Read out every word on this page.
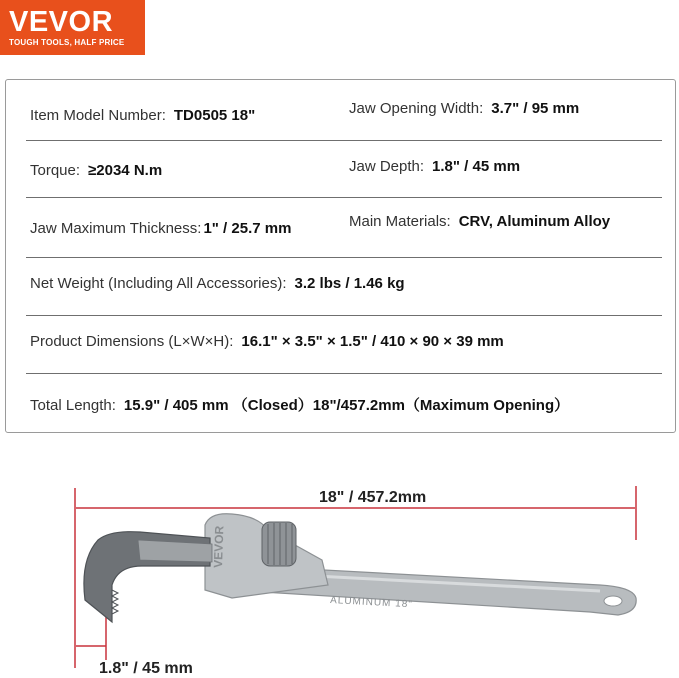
VEVOR
TOUGH TOOLS, HALF PRICE
Item Model Number: TD0505 18"	Jaw Opening Width: 3.7" / 95 mm
Torque: ≥2034 N.m	Jaw Depth: 1.8" / 45 mm
Jaw Maximum Thickness: 1" / 25.7 mm	Main Materials: CRV, Aluminum Alloy
Net Weight (Including All Accessories): 3.2 lbs / 1.46 kg
Product Dimensions (L×W×H): 16.1" × 3.5" × 1.5" / 410 × 90 × 39 mm
Total Length: 15.9" / 405 mm （Closed）18"/457.2mm（Maximum Opening）
VEVOR
ALUMINUM 18"
18" / 457.2mm
1.8" / 45 mm
